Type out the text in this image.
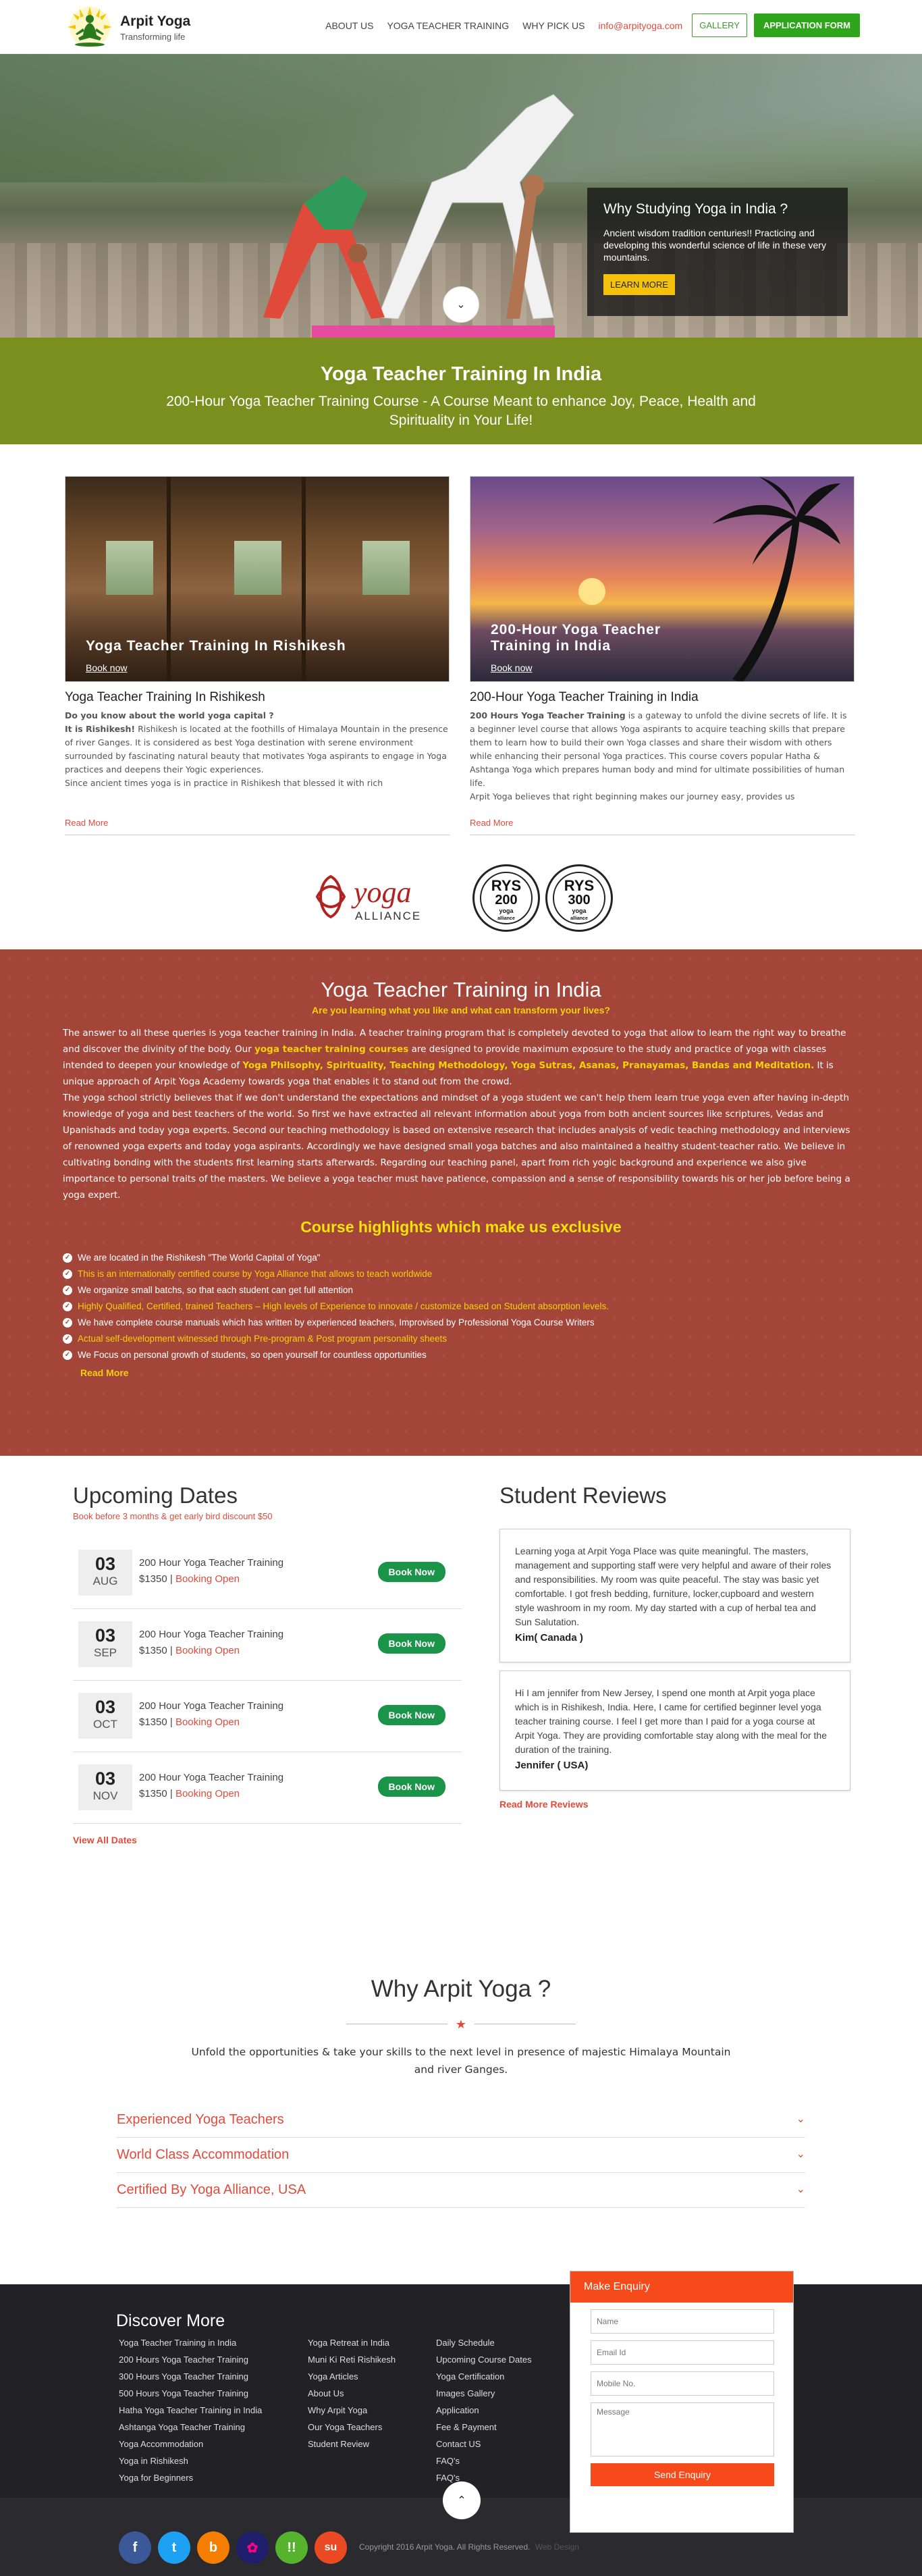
Arpit Yoga
Transforming life
ABOUT US YOGA TEACHER TRAINING WHY PICK US info@arpityoga.com	GALLERY	APPLICATION FORM
Why Studying Yoga in India ?

Ancient wisdom tradition centuries!! Practicing and developing this wonderful science of life in these very mountains.

LEARN MORE
⌄
Yoga Teacher Training In India

200-Hour Yoga Teacher Training Course - A Course Meant to enhance Joy, Peace, Health and Spirituality in Your Life!

Yoga Teacher Training In Rishikesh
Book now
Yoga Teacher Training In Rishikesh
Do you know about the world yoga capital ?
It is Rishikesh! Rishikesh is located at the foothills of Himalaya Mountain in the presence of river Ganges. It is considered as best Yoga destination with serene environment surrounded by fascinating natural beauty that motivates Yoga aspirants to engage in Yoga practices and deepens their Yogic experiences.
Since ancient times yoga is in practice in Rishikesh that blessed it with rich
Read More
200-Hour Yoga Teacher Training in India
Book now
200-Hour Yoga Teacher Training in India
200 Hours Yoga Teacher Training is a gateway to unfold the divine secrets of life. It is a beginner level course that allows Yoga aspirants to acquire teaching skills that prepare them to learn how to build their own Yoga classes and share their wisdom with others while enhancing their personal Yoga practices. This course covers popular Hatha & Ashtanga Yoga which prepares human body and mind for ultimate possibilities of human life.
Arpit Yoga believes that right beginning makes our journey easy, provides us
Read More
yoga
ALLIANCE
RYS
200
yoga
alliance
RYS
300
yoga
alliance
Yoga Teacher Training in India
Are you learning what you like and what can transform your lives?
The answer to all these queries is yoga teacher training in India. A teacher training program that is completely devoted to yoga that allow to learn the right way to breathe and discover the divinity of the body. Our yoga teacher training courses are designed to provide maximum exposure to the study and practice of yoga with classes intended to deepen your knowledge of Yoga Philsophy, Spirituality, Teaching Methodology, Yoga Sutras, Asanas, Pranayamas, Bandas and Meditation. It is unique approach of Arpit Yoga Academy towards yoga that enables it to stand out from the crowd.
The yoga school strictly believes that if we don't understand the expectations and mindset of a yoga student we can't help them learn true yoga even after having in-depth knowledge of yoga and best teachers of the world. So first we have extracted all relevant information about yoga from both ancient sources like scriptures, Vedas and Upanishads and today yoga experts. Second our teaching methodology is based on extensive research that includes analysis of vedic teaching methodology and interviews of renowned yoga experts and today yoga aspirants. Accordingly we have designed small yoga batches and also maintained a healthy student-teacher ratio. We believe in cultivating bonding with the students first learning starts afterwards. Regarding our teaching panel, apart from rich yogic background and experience we also give importance to personal traits of the masters. We believe a yoga teacher must have patience, compassion and a sense of responsibility towards his or her job before being a yoga expert.
Course highlights which make us exclusive
✓ We are located in the Rishikesh "The World Capital of Yoga"
✓ This is an internationally certified course by Yoga Alliance that allows to teach worldwide
✓ We organize small batchs, so that each student can get full attention
✓ Highly Qualified, Certified, trained Teachers – High levels of Experience to innovate / customize based on Student absorption levels.
✓ We have complete course manuals which has written by experienced teachers, Improvised by Professional Yoga Course Writers
✓ Actual self-development witnessed through Pre-program & Post program personality sheets
✓ We Focus on personal growth of students, so open yourself for countless opportunities
Read More
Upcoming Dates
Book before 3 months & get early bird discount $50
03
AUG
200 Hour Yoga Teacher Training
$1350 | Booking Open
Book Now
03
SEP
200 Hour Yoga Teacher Training
$1350 | Booking Open
Book Now
03
OCT
200 Hour Yoga Teacher Training
$1350 | Booking Open
Book Now
03
NOV
200 Hour Yoga Teacher Training
$1350 | Booking Open
Book Now
View All Dates
Student Reviews
Learning yoga at Arpit Yoga Place was quite meaningful. The masters, management and supporting staff were very helpful and aware of their roles and responsibilities. My room was quite peaceful. The stay was basic yet comfortable. I got fresh bedding, furniture, locker,cupboard and western style washroom in my room. My day started with a cup of herbal tea and Sun Salutation.
Kim( Canada )
Hi I am jennifer from New Jersey, I spend one month at Arpit yoga place which is in Rishikesh, India. Here, I came for certified beginner level yoga teacher training course. I feel I get more than I paid for a yoga course at Arpit Yoga. They are providing comfortable stay along with the meal for the duration of the training.
Jennifer ( USA)
Read More Reviews
Why Arpit Yoga ?
★

Unfold the opportunities & take your skills to the next level in presence of majestic Himalaya Mountain and river Ganges.

Experienced Yoga Teachers	⌄
World Class Accommodation	⌄
Certified By Yoga Alliance, USA	⌄
Discover More
Yoga Teacher Training in India
200 Hours Yoga Teacher Training
300 Hours Yoga Teacher Training
500 Hours Yoga Teacher Training
Hatha Yoga Teacher Training in India
Ashtanga Yoga Teacher Training
Yoga Accommodation
Yoga in Rishikesh
Yoga for Beginners
Yoga Retreat in India
Muni Ki Reti Rishikesh
Yoga Articles
About Us
Why Arpit Yoga
Our Yoga Teachers
Student Review
Daily Schedule
Upcoming Course Dates
Yoga Certification
Images Gallery
Application
Fee & Payment
Contact US
FAQ's
FAQ's
Make Enquiry
Name
Email Id
Mobile No.
Message
Send Enquiry
⌃
f	t	b	✿	!!	su	Copyright 2016 Arpit Yoga. All Rights Reserved. Web Design
